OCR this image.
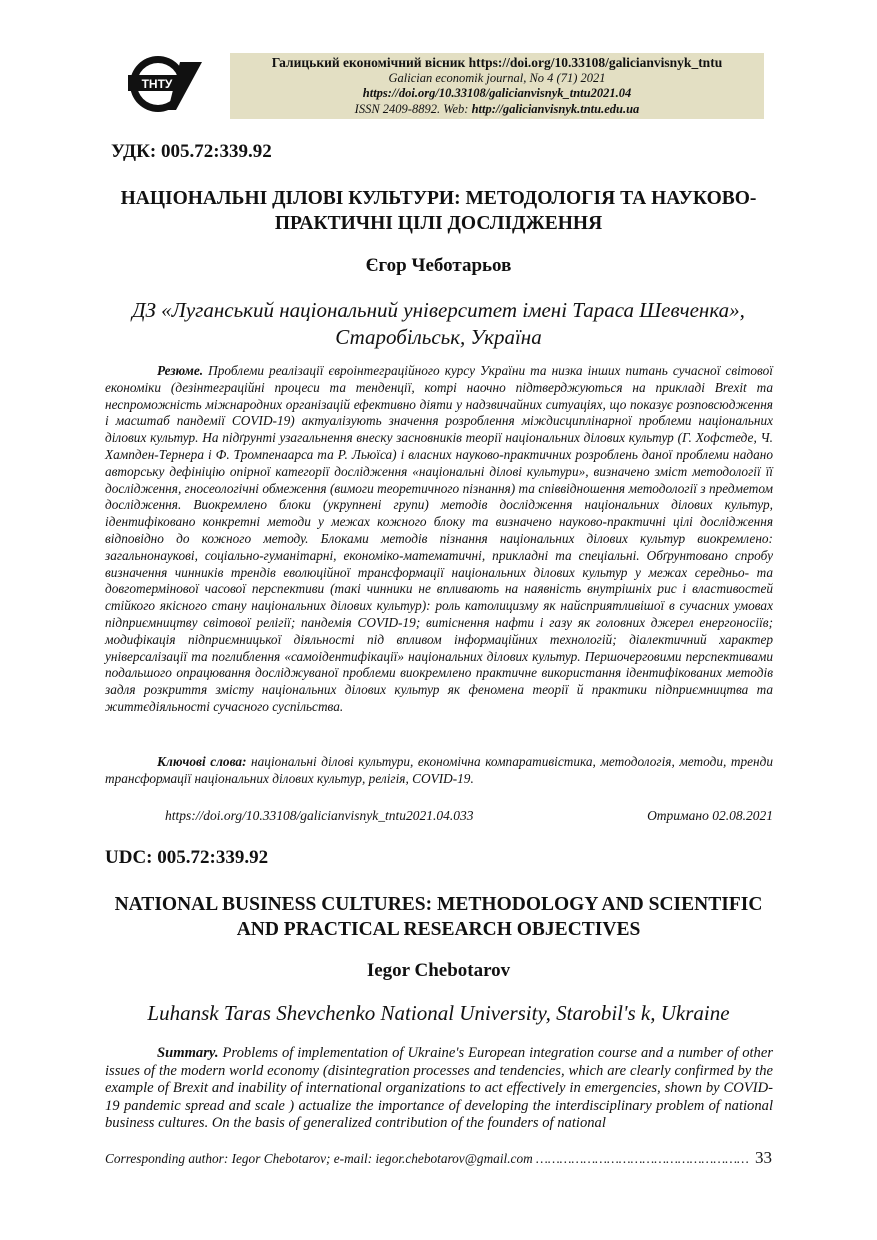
ТНТУ
Галицький економічний вісник https://doi.org/10.33108/galicianvisnyk_tntu
Galician economik journal, No 4 (71) 2021
https://doi.org/10.33108/galicianvisnyk_tntu2021.04
ISSN 2409-8892. Web: http://galicianvisnyk.tntu.edu.ua
УДК: 005.72:339.92
НАЦІОНАЛЬНІ ДІЛОВІ КУЛЬТУРИ: МЕТОДОЛОГІЯ ТА НАУКОВО-ПРАКТИЧНІ ЦІЛІ ДОСЛІДЖЕННЯ
Єгор Чеботарьов
ДЗ «Луганський національний університет імені Тараса Шевченка», Старобільськ, Україна
Резюме. Проблеми реалізації євроінтеграційного курсу України та низка інших питань сучасної світової економіки (дезінтеграційні процеси та тенденції, котрі наочно підтверджуються на прикладі Brexit та неспроможність міжнародних організацій ефективно діяти у надзвичайних ситуаціях, що показує розповсюдження і масштаб пандемії COVID-19) актуалізують значення розроблення міждисциплінарної проблеми національних ділових культур. На підґрунті узагальнення внеску засновників теорії національних ділових культур (Г. Хофстеде, Ч. Хампден-Тернера і Ф. Тромпенаарса та Р. Льюїса) і власних науково-практичних розроблень даної проблеми надано авторську дефініцію опірної категорії дослідження «національні ділові культури», визначено зміст методології її дослідження, гносеологічні обмеження (вимоги теоретичного пізнання) та співвідношення методології з предметом дослідження. Виокремлено блоки (укрупнені групи) методів дослідження національних ділових культур, ідентифіковано конкретні методи у межах кожного блоку та визначено науково-практичні цілі дослідження відповідно до кожного методу. Блоками методів пізнання національних ділових культур виокремлено: загальнонаукові, соціально-гуманітарні, економіко-математичні, прикладні та спеціальні. Обґрунтовано спробу визначення чинників трендів еволюційної трансформації національних ділових культур у межах середньо- та довготермінової часової перспективи (такі чинники не впливають на наявність внутрішніх рис і властивостей стійкого якісного стану національних ділових культур): роль католицизму як найсприятливішої в сучасних умовах підприємництву світової релігії; пандемія COVID-19; витіснення нафти і газу як головних джерел енергоносіїв; модифікація підприємницької діяльності під впливом інформаційних технологій; діалектичний характер універсалізації та поглиблення «самоідентифікації» національних ділових культур. Першочерговими перспективами подальшого опрацювання досліджуваної проблеми виокремлено практичне використання ідентифікованих методів задля розкриття змісту національних ділових культур як феномена теорії й практики підприємництва та життєдіяльності сучасного суспільства.
Ключові слова: національні ділові культури, економічна компаративістика, методологія, методи, тренди трансформації національних ділових культур, релігія, COVID-19.
https://doi.org/10.33108/galicianvisnyk_tntu2021.04.033	Отримано 02.08.2021
UDC: 005.72:339.92
NATIONAL BUSINESS CULTURES: METHODOLOGY AND SCIENTIFIC AND PRACTICAL RESEARCH OBJECTIVES
Iegor Chebotarov
Luhansk Taras Shevchenko National University, Starobil's k, Ukraine
Summary. Problems of implementation of Ukraine's European integration course and a number of other issues of the modern world economy (disintegration processes and tendencies, which are clearly confirmed by the example of Brexit and inability of international organizations to act effectively in emergencies, shown by COVID-19 pandemic spread and scale ) actualize the importance of developing the interdisciplinary problem of national business cultures. On the basis of generalized contribution of the founders of national
Corresponding author: Iegor Chebotarov; e-mail: iegor.chebotarov@gmail.com ……………………………………………… 33
